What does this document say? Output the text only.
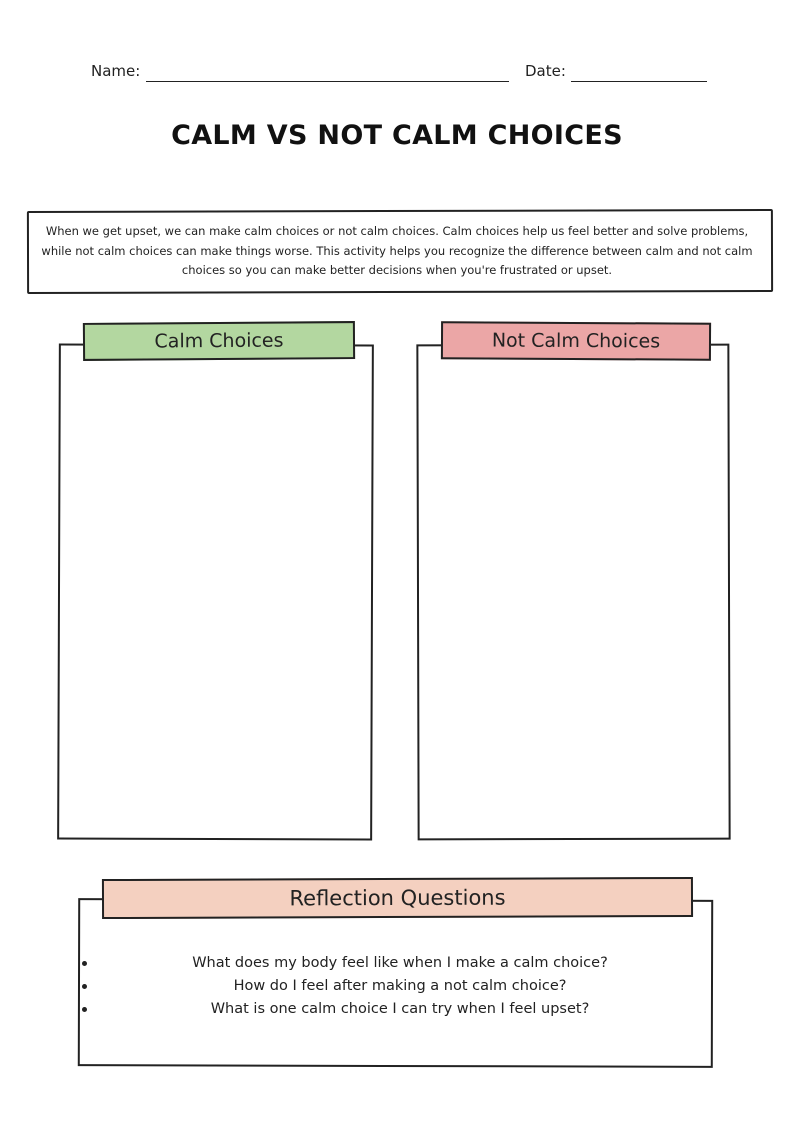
Name:	Date:
CALM VS NOT CALM CHOICES
When we get upset, we can make calm choices or not calm choices. Calm choices help us feel better and solve problems, while not calm choices can make things worse. This activity helps you recognize the difference between calm and not calm choices so you can make better decisions when you're frustrated or upset.
Calm Choices	Not Calm Choices
Reflection Questions
What does my body feel like when I make a calm choice?
How do I feel after making a not calm choice?
What is one calm choice I can try when I feel upset?
